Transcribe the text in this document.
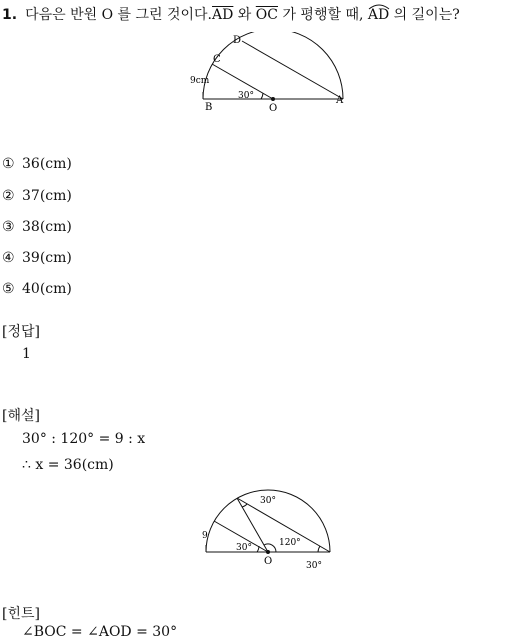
1. 다음은 반원 O 를 그린 것이다$.\overline{AD}$ 와 $\overline{OC}$ 가 평행할 때, AD
의 길이는?
D
C
B	O
A
9cm
30°
① 36(cm)
② 37(cm)
③ 38(cm)
④ 39(cm)
⑤ 40(cm)
[정답]
1
[해설]
30° : 120° = 9 : x
∴ x = 36(cm)
30°
120°
30°
30°
9
O
[힌트]
∠BOC = ∠AOD = 30°
